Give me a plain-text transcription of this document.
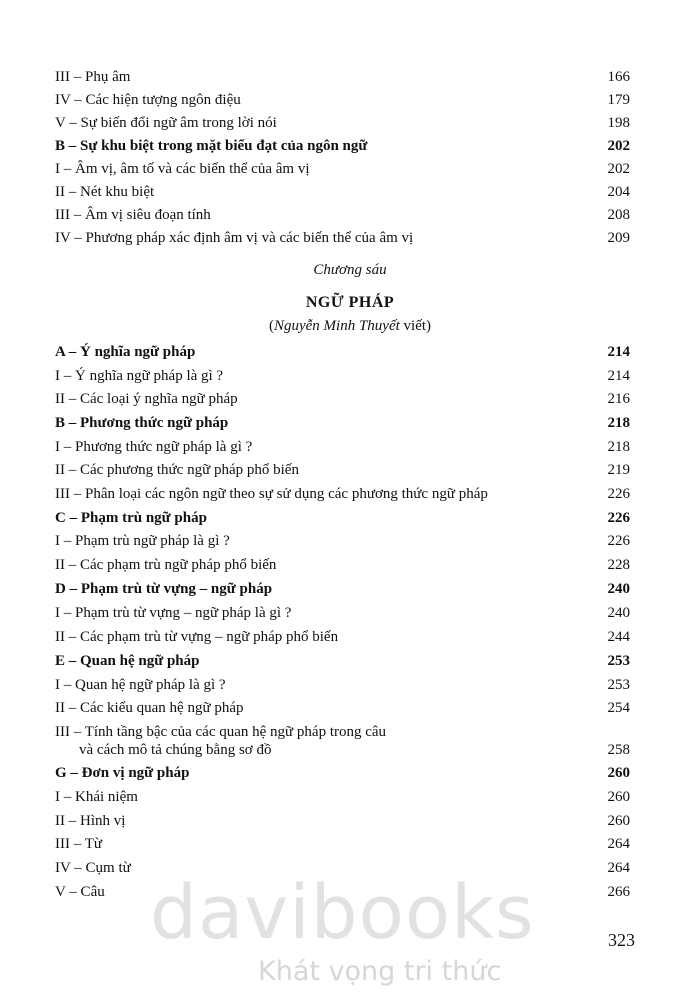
III – Phụ âm	166
IV – Các hiện tượng ngôn điệu	179
V – Sự biến đổi ngữ âm trong lời nói	198
B – Sự khu biệt trong mặt biểu đạt của ngôn ngữ	202
I – Âm vị, âm tố và các biến thể của âm vị	202
II – Nét khu biệt	204
III – Âm vị siêu đoạn tính	208
IV – Phương pháp xác định âm vị và các biến thể của âm vị	209
Chương sáu
NGỮ PHÁP
(Nguyễn Minh Thuyết viết)
A – Ý nghĩa ngữ pháp	214
I – Ý nghĩa ngữ pháp là gì ?	214
II – Các loại ý nghĩa ngữ pháp	216
B – Phương thức ngữ pháp	218
I – Phương thức ngữ pháp là gì ?	218
II – Các phương thức ngữ pháp phổ biến	219
III – Phân loại các ngôn ngữ theo sự sử dụng các phương thức ngữ pháp	226
C – Phạm trù ngữ pháp	226
I – Phạm trù ngữ pháp là gì ?	226
II – Các phạm trù ngữ pháp phổ biến	228
D – Phạm trù từ vựng – ngữ pháp	240
I – Phạm trù từ vựng – ngữ pháp là gì ?	240
II – Các phạm trù từ vựng – ngữ pháp phổ biến	244
E – Quan hệ ngữ pháp	253
I – Quan hệ ngữ pháp là gì ?	253
II – Các kiểu quan hệ ngữ pháp	254
III – Tính tầng bậc của các quan hệ ngữ pháp trong câu
và cách mô tả chúng bằng sơ đồ	258
G – Đơn vị ngữ pháp	260
I – Khái niệm	260
II – Hình vị	260
III – Từ	264
IV – Cụm từ	264
V – Câu	266
davibooks
Khát vọng tri thức
323
